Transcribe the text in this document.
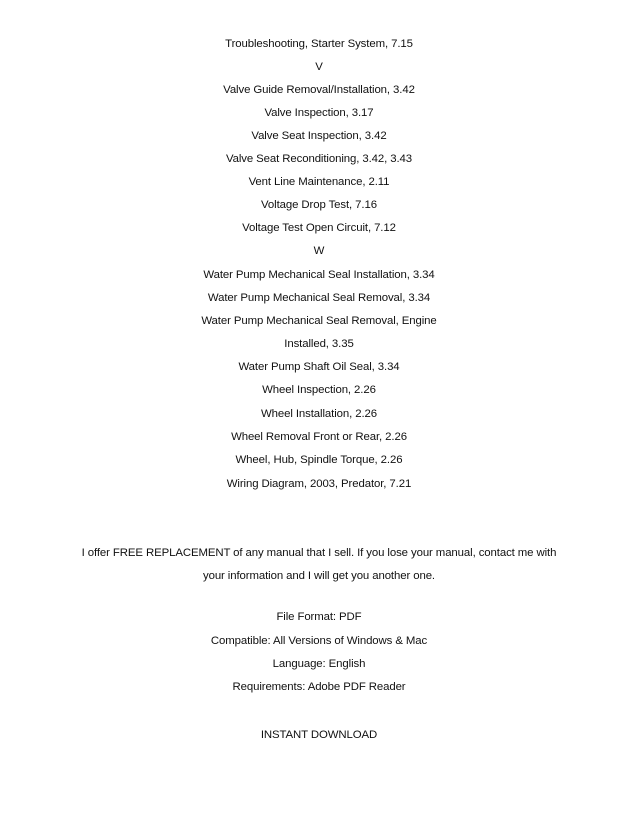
Troubleshooting, Starter System, 7.15
V
Valve Guide Removal/Installation, 3.42
Valve Inspection, 3.17
Valve Seat Inspection, 3.42
Valve Seat Reconditioning, 3.42, 3.43
Vent Line Maintenance, 2.11
Voltage Drop Test, 7.16
Voltage Test Open Circuit, 7.12
W
Water Pump Mechanical Seal Installation, 3.34
Water Pump Mechanical Seal Removal, 3.34
Water Pump Mechanical Seal Removal, Engine
Installed, 3.35
Water Pump Shaft Oil Seal, 3.34
Wheel Inspection, 2.26
Wheel Installation, 2.26
Wheel Removal Front or Rear, 2.26
Wheel, Hub, Spindle Torque, 2.26
Wiring Diagram, 2003, Predator, 7.21
I offer FREE REPLACEMENT of any manual that I sell. If you lose your manual, contact me with your information and I will get you another one.
File Format: PDF
Compatible: All Versions of Windows & Mac
Language: English
Requirements: Adobe PDF Reader
INSTANT DOWNLOAD
